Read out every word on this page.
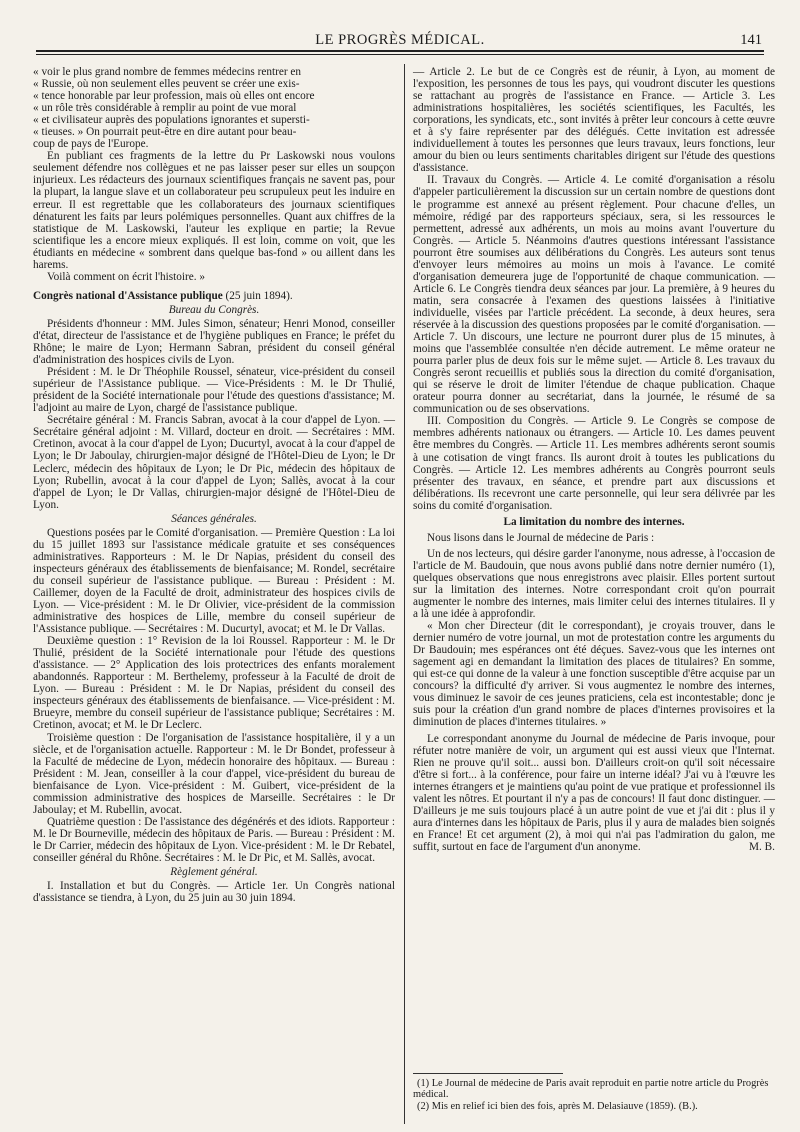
LE PROGRÈS MÉDICAL.	141

« voir le plus grand nombre de femmes médecins rentrer en

« Russie, où non seulement elles peuvent se créer une exis-

« tence honorable par leur profession, mais où elles ont encore

« un rôle très considérable à remplir au point de vue moral

« et civilisateur auprès des populations ignorantes et supersti-

« tieuses. » On pourrait peut-être en dire autant pour beau-

coup de pays de l'Europe.

En publiant ces fragments de la lettre du Pr Laskowski nous voulons seulement défendre nos collègues et ne pas laisser peser sur elles un soupçon injurieux. Les rédacteurs des journaux scientifiques français ne savent pas, pour la plupart, la langue slave et un collaborateur peu scrupuleux peut les induire en erreur. Il est regrettable que les collaborateurs des journaux scientifiques dénaturent les faits par leurs polémiques personnelles. Quant aux chiffres de la statistique de M. Laskowski, l'auteur les explique en partie; la Revue scientifique les a encore mieux expliqués. Il est loin, comme on voit, que les étudiants en médecine « sombrent dans quelque bas-fond » ou aillent dans les harems.

Voilà comment on écrit l'histoire. »

Congrès national d'Assistance publique (25 juin 1894).

Bureau du Congrès.

Présidents d'honneur : MM. Jules Simon, sénateur; Henri Monod, conseiller d'état, directeur de l'assistance et de l'hygiène publiques en France; le préfet du Rhône; le maire de Lyon; Hermann Sabran, président du conseil général d'administration des hospices civils de Lyon.

Président : M. le Dr Théophile Roussel, sénateur, vice-président du conseil supérieur de l'Assistance publique. — Vice-Présidents : M. le Dr Thulié, président de la Société internationale pour l'étude des questions d'assistance; M. l'adjoint au maire de Lyon, chargé de l'assistance publique.

Secrétaire général : M. Francis Sabran, avocat à la cour d'appel de Lyon. — Secrétaire général adjoint : M. Villard, docteur en droit. — Secrétaires : MM. Cretinon, avocat à la cour d'appel de Lyon; Ducurtyl, avocat à la cour d'appel de Lyon; le Dr Jaboulay, chirurgien-major désigné de l'Hôtel-Dieu de Lyon; le Dr Leclerc, médecin des hôpitaux de Lyon; le Dr Pic, médecin des hôpitaux de Lyon; Rubellin, avocat à la cour d'appel de Lyon; Sallès, avocat à la cour d'appel de Lyon; le Dr Vallas, chirurgien-major désigné de l'Hôtel-Dieu de Lyon.

Séances générales.

Questions posées par le Comité d'organisation. — Première Question : La loi du 15 juillet 1893 sur l'assistance médicale gratuite et ses conséquences administratives. Rapporteurs : M. le Dr Napias, président du conseil des inspecteurs généraux des établissements de bienfaisance; M. Rondel, secrétaire du conseil supérieur de l'assistance publique. — Bureau : Président : M. Caillemer, doyen de la Faculté de droit, administrateur des hospices civils de Lyon. — Vice-président : M. le Dr Olivier, vice-président de la commission administrative des hospices de Lille, membre du conseil supérieur de l'Assistance publique. — Secrétaires : M. Ducurtyl, avocat; et M. le Dr Vallas.

Deuxième question : 1° Revision de la loi Roussel. Rapporteur : M. le Dr Thulié, président de la Société internationale pour l'étude des questions d'assistance. — 2° Application des lois protectrices des enfants moralement abandonnés. Rapporteur : M. Berthelemy, professeur à la Faculté de droit de Lyon. — Bureau : Président : M. le Dr Napias, président du conseil des inspecteurs généraux des établissements de bienfaisance. — Vice-président : M. Brueyre, membre du conseil supérieur de l'assistance publique; Secrétaires : M. Cretinon, avocat; et M. le Dr Leclerc.

Troisième question : De l'organisation de l'assistance hospitalière, il y a un siècle, et de l'organisation actuelle. Rapporteur : M. le Dr Bondet, professeur à la Faculté de médecine de Lyon, médecin honoraire des hôpitaux. — Bureau : Président : M. Jean, conseiller à la cour d'appel, vice-président du bureau de bienfaisance de Lyon. Vice-président : M. Guibert, vice-président de la commission administrative des hospices de Marseille. Secrétaires : le Dr Jaboulay; et M. Rubellin, avocat.

Quatrième question : De l'assistance des dégénérés et des idiots. Rapporteur : M. le Dr Bourneville, médecin des hôpitaux de Paris. — Bureau : Président : M. le Dr Carrier, médecin des hôpitaux de Lyon. Vice-président : M. le Dr Rebatel, conseiller général du Rhône. Secrétaires : M. le Dr Pic, et M. Sallès, avocat.

Règlement général.

I. Installation et but du Congrès. — Article 1er. Un Congrès national d'assistance se tiendra, à Lyon, du 25 juin au 30 juin 1894.

— Article 2. Le but de ce Congrès est de réunir, à Lyon, au moment de l'exposition, les personnes de tous les pays, qui voudront discuter les questions se rattachant au progrès de l'assistance en France. — Article 3. Les administrations hospitalières, les sociétés scientifiques, les Facultés, les corporations, les syndicats, etc., sont invités à prêter leur concours à cette œuvre et à s'y faire représenter par des délégués. Cette invitation est adressée individuellement à toutes les personnes que leurs travaux, leurs fonctions, leur amour du bien ou leurs sentiments charitables dirigent sur l'étude des questions d'assistance.

II. Travaux du Congrès. — Article 4. Le comité d'organisation a résolu d'appeler particulièrement la discussion sur un certain nombre de questions dont le programme est annexé au présent règlement. Pour chacune d'elles, un mémoire, rédigé par des rapporteurs spéciaux, sera, si les ressources le permettent, adressé aux adhérents, un mois au moins avant l'ouverture du Congrès. — Article 5. Néanmoins d'autres questions intéressant l'assistance pourront être soumises aux délibérations du Congrès. Les auteurs sont tenus d'envoyer leurs mémoires au moins un mois à l'avance. Le comité d'organisation demeurera juge de l'opportunité de chaque communication. — Article 6. Le Congrès tiendra deux séances par jour. La première, à 9 heures du matin, sera consacrée à l'examen des questions laissées à l'initiative individuelle, visées par l'article précédent. La seconde, à deux heures, sera réservée à la discussion des questions proposées par le comité d'organisation. — Article 7. Un discours, une lecture ne pourront durer plus de 15 minutes, à moins que l'assemblée consultée n'en décide autrement. Le même orateur ne pourra parler plus de deux fois sur le même sujet. — Article 8. Les travaux du Congrès seront recueillis et publiés sous la direction du comité d'organisation, qui se réserve le droit de limiter l'étendue de chaque publication. Chaque orateur pourra donner au secrétariat, dans la journée, le résumé de sa communication ou de ses observations.

III. Composition du Congrès. — Article 9. Le Congrès se compose de membres adhérents nationaux ou étrangers. — Article 10. Les dames peuvent être membres du Congrès. — Article 11. Les membres adhérents seront soumis à une cotisation de vingt francs. Ils auront droit à toutes les publications du Congrès. — Article 12. Les membres adhérents au Congrès pourront seuls présenter des travaux, en séance, et prendre part aux discussions et délibérations. Ils recevront une carte personnelle, qui leur sera délivrée par les soins du comité d'organisation.

La limitation du nombre des internes.

Nous lisons dans le Journal de médecine de Paris :

Un de nos lecteurs, qui désire garder l'anonyme, nous adresse, à l'occasion de l'article de M. Baudouin, que nous avons publié dans notre dernier numéro (1), quelques observations que nous enregistrons avec plaisir. Elles portent surtout sur la limitation des internes. Notre correspondant croit qu'on pourrait augmenter le nombre des internes, mais limiter celui des internes titulaires. Il y a là une idée à approfondir.

« Mon cher Directeur (dit le correspondant), je croyais trouver, dans le dernier numéro de votre journal, un mot de protestation contre les arguments du Dr Baudouin; mes espérances ont été déçues. Savez-vous que les internes ont sagement agi en demandant la limitation des places de titulaires? En somme, qui est-ce qui donne de la valeur à une fonction susceptible d'être acquise par un concours? la difficulté d'y arriver. Si vous augmentez le nombre des internes, vous diminuez le savoir de ces jeunes praticiens, cela est incontestable; donc je suis pour la création d'un grand nombre de places d'internes provisoires et la diminution de places d'internes titulaires. »

Le correspondant anonyme du Journal de médecine de Paris invoque, pour réfuter notre manière de voir, un argument qui est aussi vieux que l'Internat. Rien ne prouve qu'il soit... aussi bon. D'ailleurs croit-on qu'il soit nécessaire d'être si fort... à la conférence, pour faire un interne idéal? J'ai vu à l'œuvre les internes étrangers et je maintiens qu'au point de vue pratique et professionnel ils valent les nôtres. Et pourtant il n'y a pas de concours! Il faut donc distinguer. — D'ailleurs je me suis toujours placé à un autre point de vue et j'ai dit : plus il y aura d'internes dans les hôpitaux de Paris, plus il y aura de malades bien soignés en France! Et cet argument (2), à moi qui n'ai pas l'admiration du galon, me suffit, surtout en face de l'argument d'un anonyme.	M. B.

(1) Le Journal de médecine de Paris avait reproduit en partie notre article du Progrès médical.
(2) Mis en relief ici bien des fois, après M. Delasiauve (1859). (B.).
